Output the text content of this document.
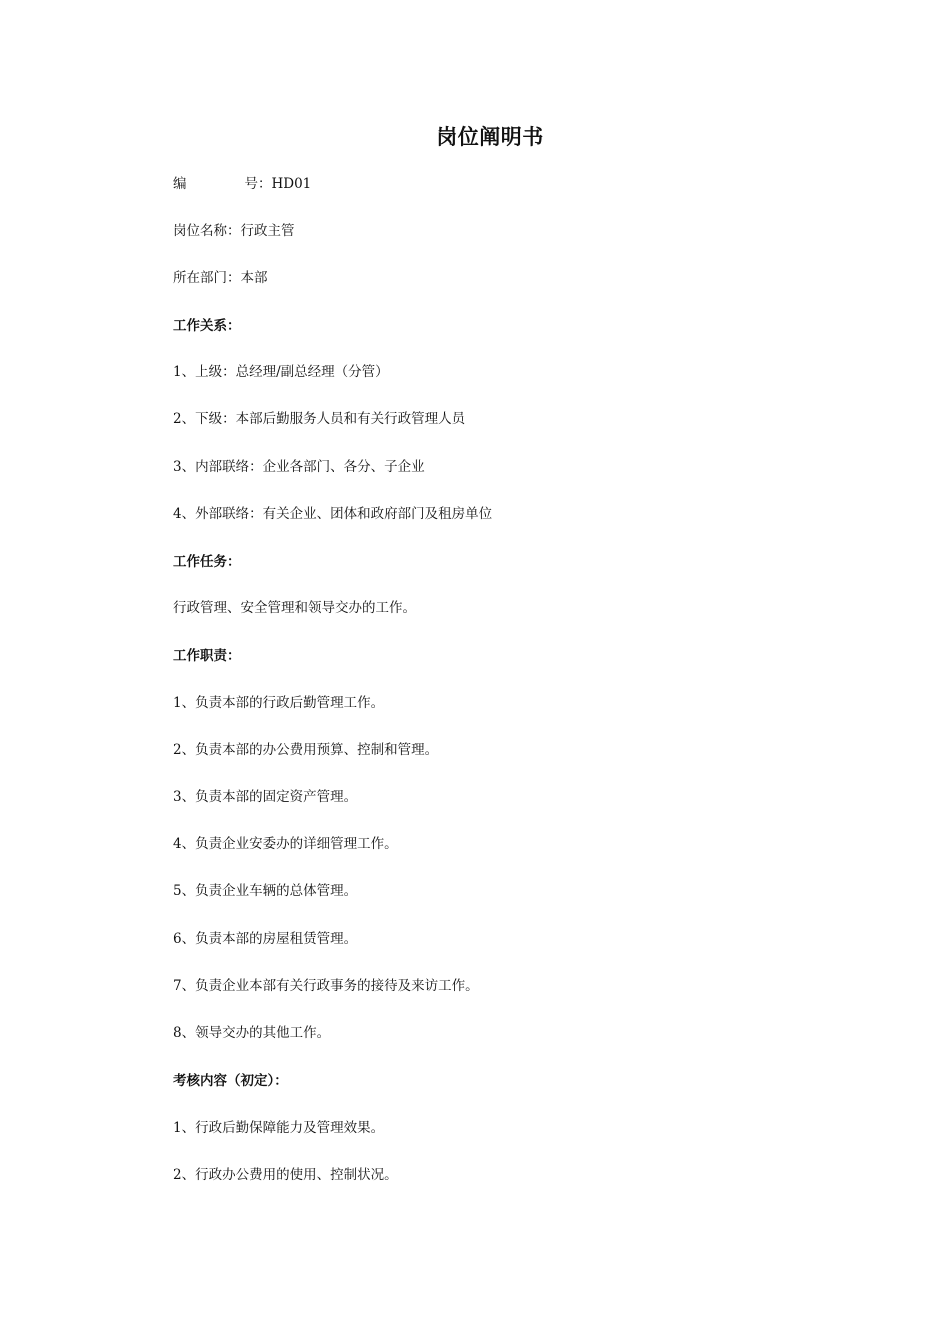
岗位阐明书
编	号：HD01
岗位名称：行政主管
所在部门：本部
工作关系：
1、上级：总经理/副总经理（分管）
2、下级：本部后勤服务人员和有关行政管理人员
3、内部联络：企业各部门、各分、子企业
4、外部联络：有关企业、团体和政府部门及租房单位
工作任务：
行政管理、安全管理和领导交办的工作。
工作职责：
1、负责本部的行政后勤管理工作。
2、负责本部的办公费用预算、控制和管理。
3、负责本部的固定资产管理。
4、负责企业安委办的详细管理工作。
5、负责企业车辆的总体管理。
6、负责本部的房屋租赁管理。
7、负责企业本部有关行政事务的接待及来访工作。
8、领导交办的其他工作。
考核内容（初定）：
1、行政后勤保障能力及管理效果。
2、行政办公费用的使用、控制状况。
